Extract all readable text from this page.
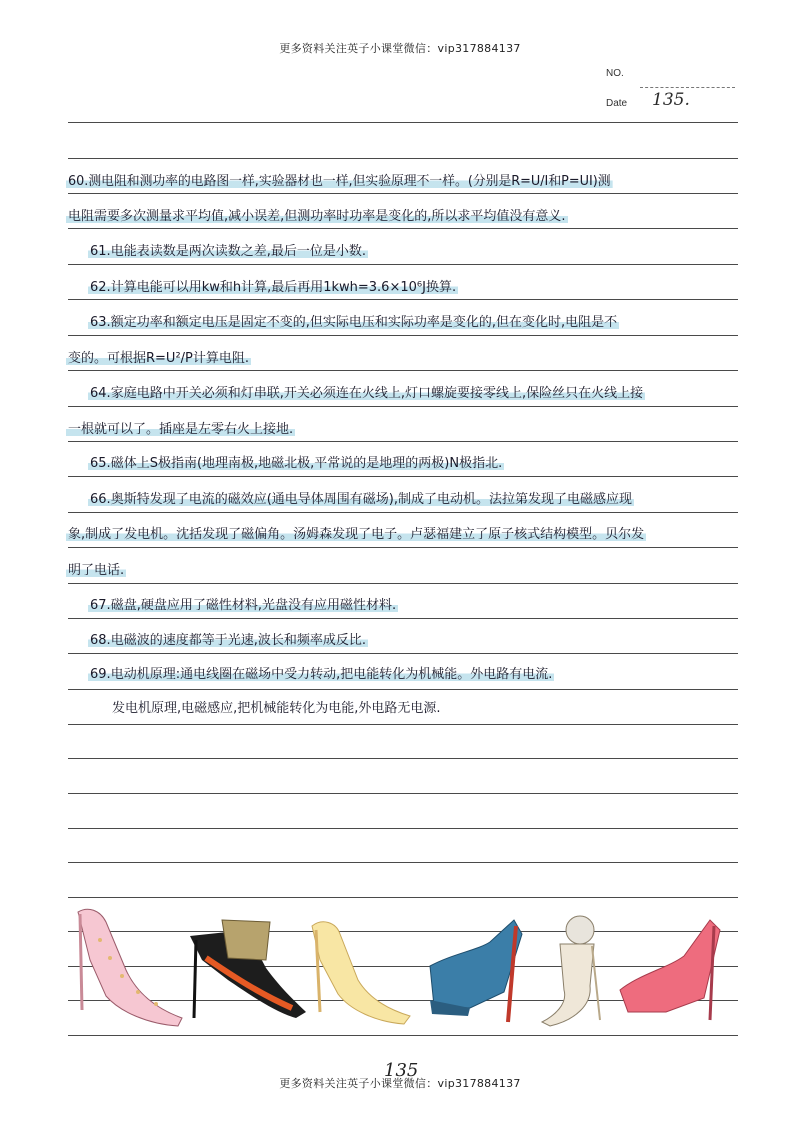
更多资料关注英子小课堂微信：vip317884137
NO.
Date 135.
60.测电阻和测功率的电路图一样,实验器材也一样,但实验原理不一样。(分别是R=U/I和P=UI)测
电阻需要多次测量求平均值,减小误差,但测功率时功率是变化的,所以求平均值没有意义.
61.电能表读数是两次读数之差,最后一位是小数.
62.计算电能可以用kw和h计算,最后再用1kwh=3.6×10⁶J换算.
63.额定功率和额定电压是固定不变的,但实际电压和实际功率是变化的,但在变化时,电阻是不
变的。可根据R=U²/P计算电阻.
64.家庭电路中开关必须和灯串联,开关必须连在火线上,灯口螺旋要接零线上,保险丝只在火线上接
一根就可以了。插座是左零右火上接地.
65.磁体上S极指南(地理南极,地磁北极,平常说的是地理的两极)N极指北.
66.奥斯特发现了电流的磁效应(通电导体周围有磁场),制成了电动机。法拉第发现了电磁感应现
象,制成了发电机。沈括发现了磁偏角。汤姆森发现了电子。卢瑟福建立了原子核式结构模型。贝尔发
明了电话.
67.磁盘,硬盘应用了磁性材料,光盘没有应用磁性材料.
68.电磁波的速度都等于光速,波长和频率成反比.
69.电动机原理:通电线圈在磁场中受力转动,把电能转化为机械能。外电路有电流.
发电机原理,电磁感应,把机械能转化为电能,外电路无电源.
135
更多资料关注英子小课堂微信：vip317884137
